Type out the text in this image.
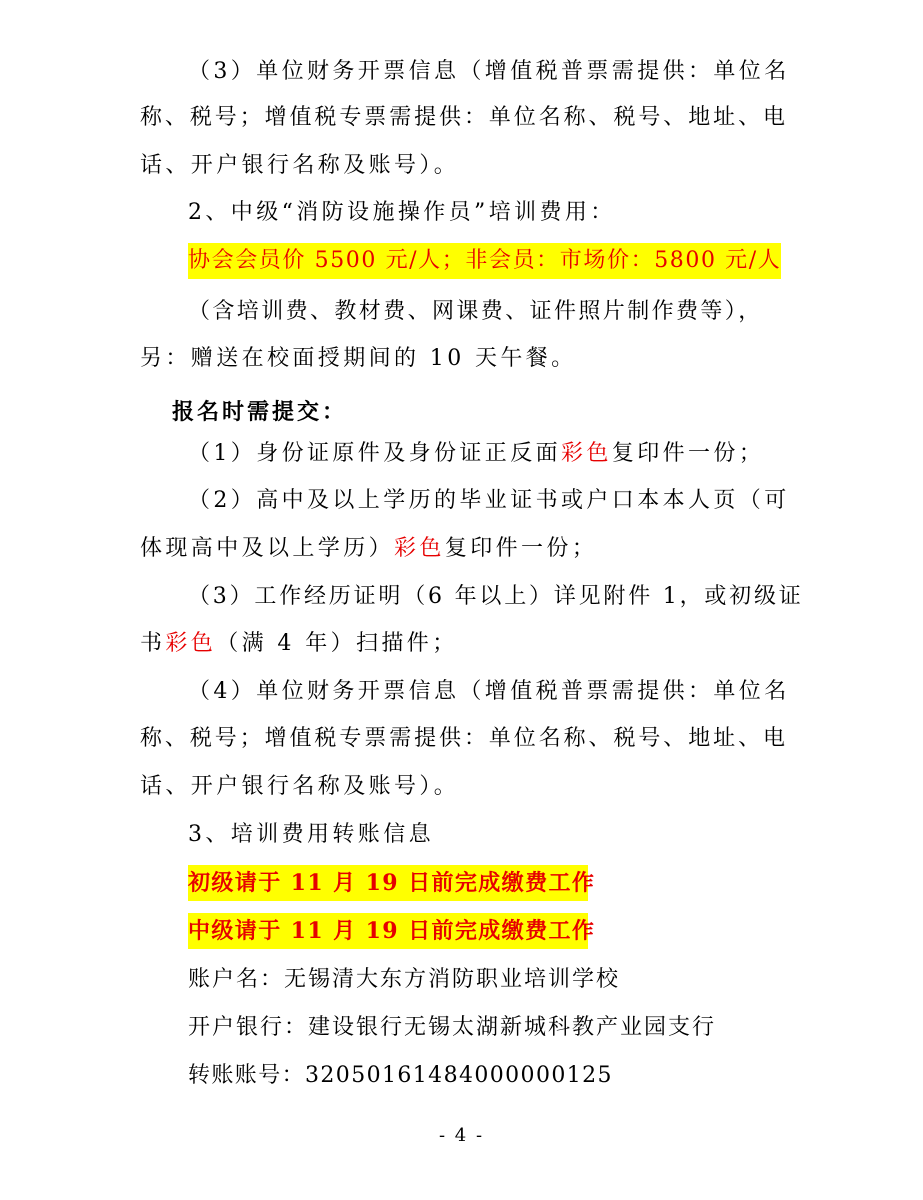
（3）单位财务开票信息（增值税普票需提供：单位名
称、税号；增值税专票需提供：单位名称、税号、地址、电
话、开户银行名称及账号）。
2、中级“消防设施操作员”培训费用：
协会会员价 5500 元/人；非会员：市场价：5800 元/人
（含培训费、教材费、网课费、证件照片制作费等），
另：赠送在校面授期间的 10 天午餐。
报名时需提交：
（1）身份证原件及身份证正反面彩色复印件一份；
（2）高中及以上学历的毕业证书或户口本本人页（可
体现高中及以上学历）彩色复印件一份；
（3）工作经历证明（6 年以上）详见附件 1，或初级证
书彩色（满 4 年）扫描件；
（4）单位财务开票信息（增值税普票需提供：单位名
称、税号；增值税专票需提供：单位名称、税号、地址、电
话、开户银行名称及账号）。
3、培训费用转账信息
初级请于 11 月 19 日前完成缴费工作
中级请于 11 月 19 日前完成缴费工作
账户名：无锡清大东方消防职业培训学校
开户银行：建设银行无锡太湖新城科教产业园支行
转账账号：32050161484000000125
- 4 -
